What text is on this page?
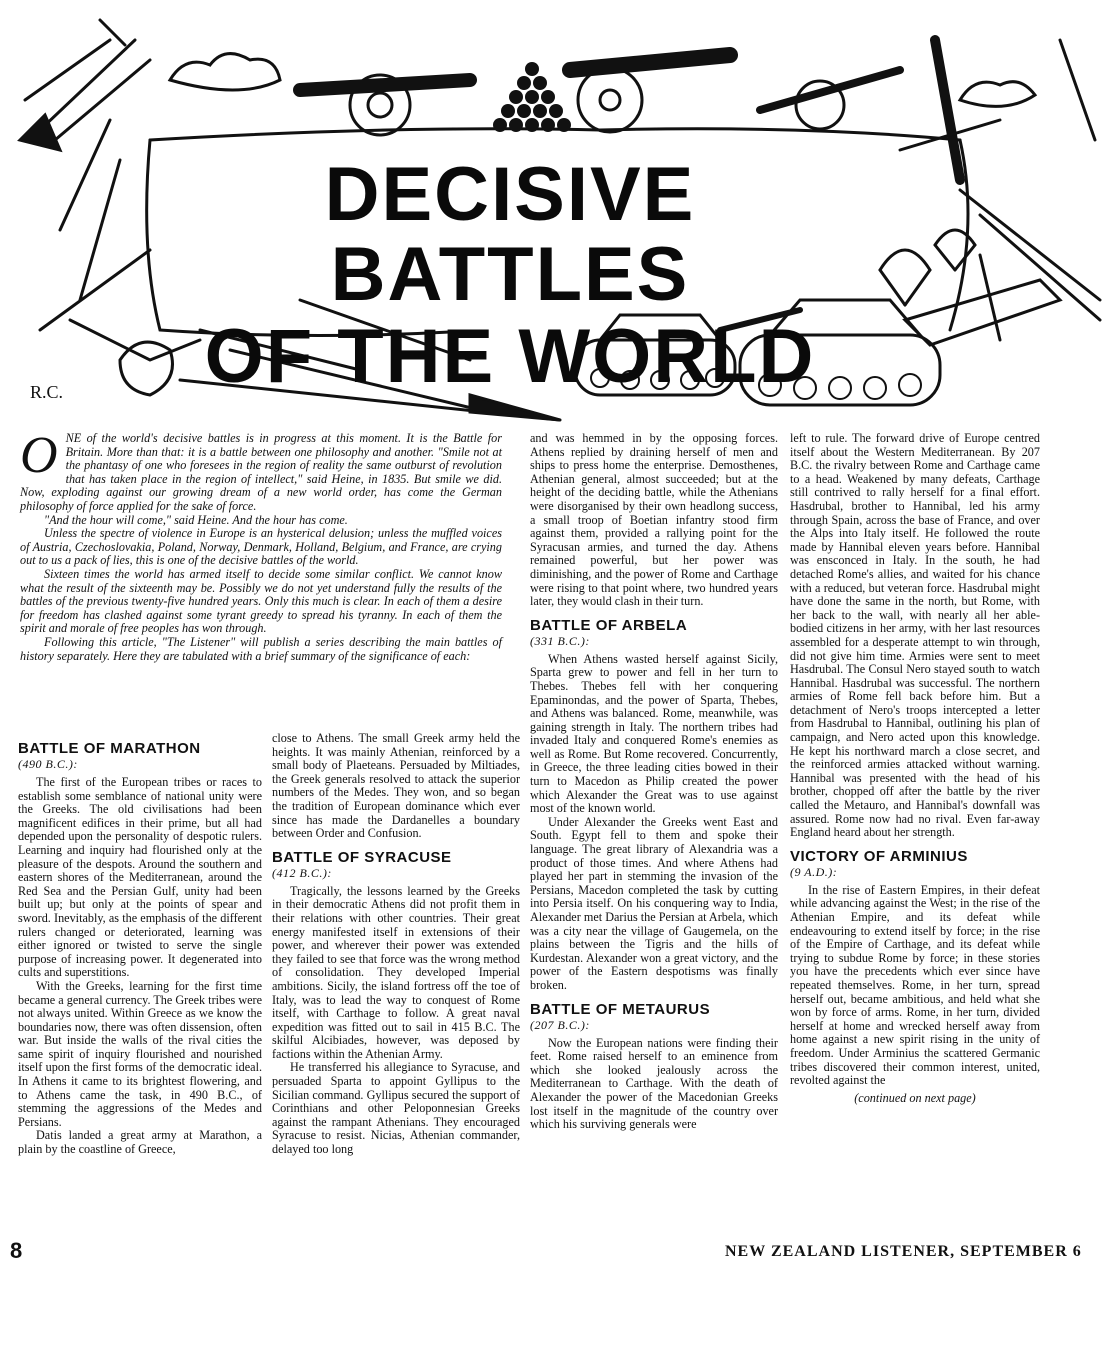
R.C.
DECISIVE BATTLES
OF THE WORLD

ONE of the world's decisive battles is in progress at this moment. It is the Battle for Britain. More than that: it is a battle between one philosophy and another. "Smile not at the phantasy of one who foresees in the region of reality the same outburst of revolution that has taken place in the region of intellect," said Heine, in 1835. But smile we did. Now, exploding against our growing dream of a new world order, has come the German philosophy of force applied for the sake of force.

"And the hour will come," said Heine. And the hour has come.

Unless the spectre of violence in Europe is an hysterical delusion; unless the muffled voices of Austria, Czechoslovakia, Poland, Norway, Denmark, Holland, Belgium, and France, are crying out to us a pack of lies, this is one of the decisive battles of the world.

Sixteen times the world has armed itself to decide some similar conflict. We cannot know what the result of the sixteenth may be. Possibly we do not yet understand fully the results of the battles of the previous twenty-five hundred years. Only this much is clear. In each of them a desire for freedom has clashed against some tyrant greedy to spread his tyranny. In each of them the spirit and morale of free peoples has won through.

Following this article, "The Listener" will publish a series describing the main battles of history separately. Here they are tabulated with a brief summary of the significance of each:

BATTLE OF MARATHON
(490 B.C.):

The first of the European tribes or races to establish some semblance of national unity were the Greeks. The old civilisations had been magnificent edifices in their prime, but all had depended upon the personality of despotic rulers. Learning and inquiry had flourished only at the pleasure of the despots. Around the southern and eastern shores of the Mediterranean, around the Red Sea and the Persian Gulf, unity had been built up; but only at the points of spear and sword. Inevitably, as the emphasis of the different rulers changed or deteriorated, learning was either ignored or twisted to serve the single purpose of increasing power. It degenerated into cults and superstitions.

With the Greeks, learning for the first time became a general currency. The Greek tribes were not always united. Within Greece as we know the boundaries now, there was often dissension, often war. But inside the walls of the rival cities the same spirit of inquiry flourished and nourished itself upon the first forms of the democratic ideal. In Athens it came to its brightest flowering, and to Athens came the task, in 490 B.C., of stemming the aggressions of the Medes and Persians.

Datis landed a great army at Marathon, a plain by the coastline of Greece,

close to Athens. The small Greek army held the heights. It was mainly Athenian, reinforced by a small body of Plaeteans. Persuaded by Miltiades, the Greek generals resolved to attack the superior numbers of the Medes. They won, and so began the tradition of European dominance which ever since has made the Dardanelles a boundary between Order and Confusion.

BATTLE OF SYRACUSE
(412 B.C.):

Tragically, the lessons learned by the Greeks in their democratic Athens did not profit them in their relations with other countries. Their great energy manifested itself in extensions of their power, and wherever their power was extended they failed to see that force was the wrong method of consolidation. They developed Imperial ambitions. Sicily, the island fortress off the toe of Italy, was to lead the way to conquest of Rome itself, with Carthage to follow. A great naval expedition was fitted out to sail in 415 B.C. The skilful Alcibiades, however, was deposed by factions within the Athenian Army.

He transferred his allegiance to Syracuse, and persuaded Sparta to appoint Gyllipus to the Sicilian command. Gyllipus secured the support of Corinthians and other Peloponnesian Greeks against the rampant Athenians. They encouraged Syracuse to resist. Nicias, Athenian commander, delayed too long

and was hemmed in by the opposing forces. Athens replied by draining herself of men and ships to press home the enterprise. Demosthenes, Athenian general, almost succeeded; but at the height of the deciding battle, while the Athenians were disorganised by their own headlong success, a small troop of Boetian infantry stood firm against them, provided a rallying point for the Syracusan armies, and turned the day. Athens remained powerful, but her power was diminishing, and the power of Rome and Carthage were rising to that point where, two hundred years later, they would clash in their turn.

BATTLE OF ARBELA
(331 B.C.):

When Athens wasted herself against Sicily, Sparta grew to power and fell in her turn to Thebes. Thebes fell with her conquering Epaminondas, and the power of Sparta, Thebes, and Athens was balanced. Rome, meanwhile, was gaining strength in Italy. The northern tribes had invaded Italy and conquered Rome's enemies as well as Rome. But Rome recovered. Concurrently, in Greece, the three leading cities bowed in their turn to Macedon as Philip created the power which Alexander the Great was to use against most of the known world.

Under Alexander the Greeks went East and South. Egypt fell to them and spoke their language. The great library of Alexandria was a product of those times. And where Athens had played her part in stemming the invasion of the Persians, Macedon completed the task by cutting into Persia itself. On his conquering way to India, Alexander met Darius the Persian at Arbela, which was a city near the village of Gaugemela, on the plains between the Tigris and the hills of Kurdestan. Alexander won a great victory, and the power of the Eastern despotisms was finally broken.

BATTLE OF METAURUS
(207 B.C.):

Now the European nations were finding their feet. Rome raised herself to an eminence from which she looked jealously across the Mediterranean to Carthage. With the death of Alexander the power of the Macedonian Greeks lost itself in the magnitude of the country over which his surviving generals were

left to rule. The forward drive of Europe centred itself about the Western Mediterranean. By 207 B.C. the rivalry between Rome and Carthage came to a head. Weakened by many defeats, Carthage still contrived to rally herself for a final effort. Hasdrubal, brother to Hannibal, led his army through Spain, across the base of France, and over the Alps into Italy itself. He followed the route made by Hannibal eleven years before. Hannibal was ensconced in Italy. In the south, he had detached Rome's allies, and waited for his chance with a reduced, but veteran force. Hasdrubal might have done the same in the north, but Rome, with her back to the wall, with nearly all her able-bodied citizens in her army, with her last resources assembled for a desperate attempt to win through, did not give him time. Armies were sent to meet Hasdrubal. The Consul Nero stayed south to watch Hannibal. Hasdrubal was successful. The northern armies of Rome fell back before him. But a detachment of Nero's troops intercepted a letter from Hasdrubal to Hannibal, outlining his plan of campaign, and Nero acted upon this knowledge. He kept his northward march a close secret, and the reinforced armies attacked without warning. Hannibal was presented with the head of his brother, chopped off after the battle by the river called the Metauro, and Hannibal's downfall was assured. Rome now had no rival. Even far-away England heard about her strength.

VICTORY OF ARMINIUS
(9 A.D.):

In the rise of Eastern Empires, in their defeat while advancing against the West; in the rise of the Athenian Empire, and its defeat while endeavouring to extend itself by force; in the rise of the Empire of Carthage, and its defeat while trying to subdue Rome by force; in these stories you have the precedents which ever since have repeated themselves. Rome, in her turn, spread herself out, became ambitious, and held what she won by force of arms. Rome, in her turn, divided herself at home and wrecked herself away from home against a new spirit rising in the unity of freedom. Under Arminius the scattered Germanic tribes discovered their common interest, united, revolted against the

(continued on next page)
8	NEW ZEALAND LISTENER, SEPTEMBER 6
